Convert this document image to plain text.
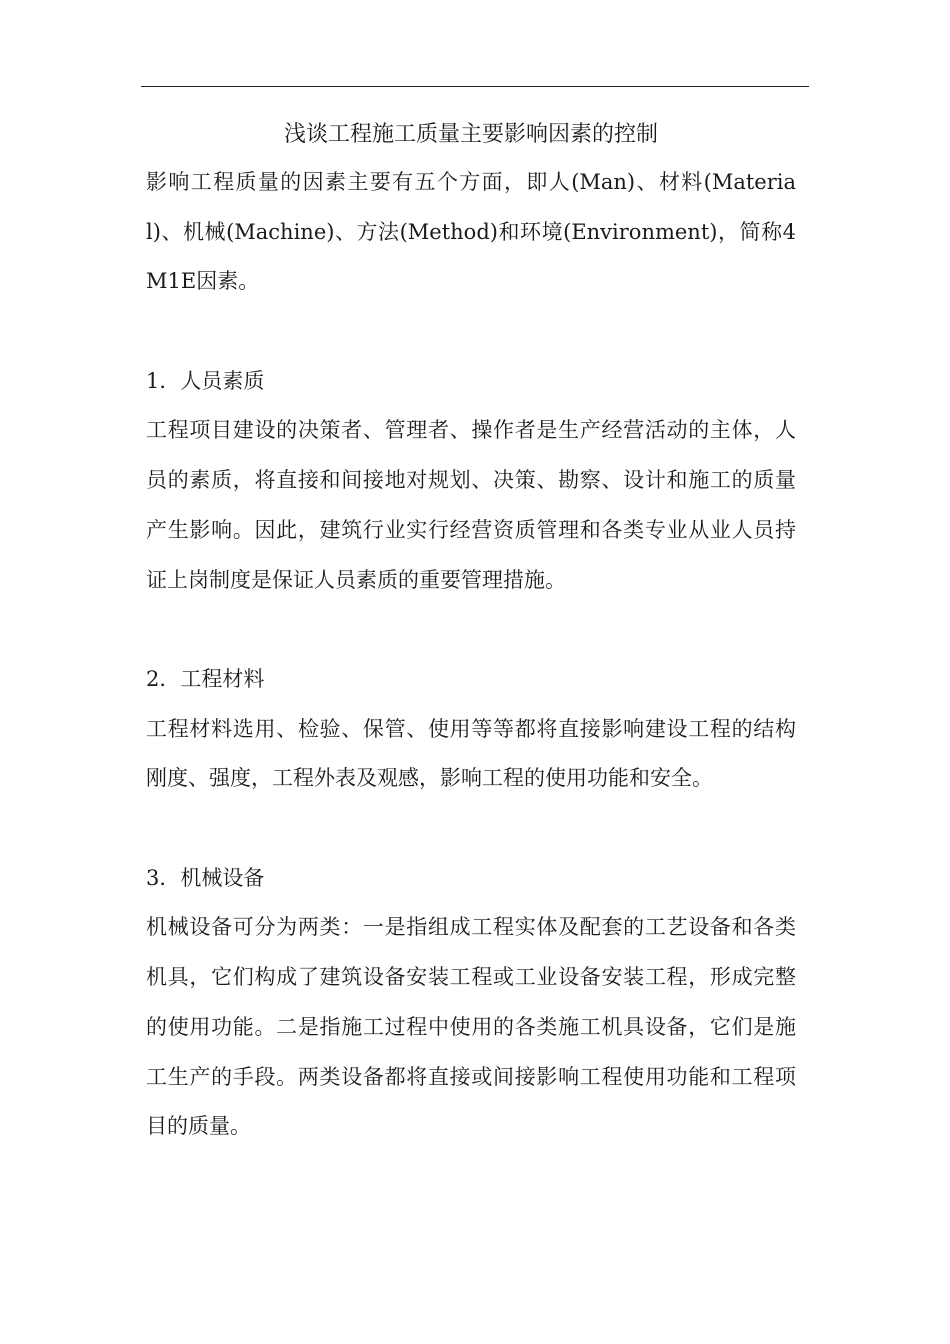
浅谈工程施工质量主要影响因素的控制

影响工程质量的因素主要有五个方面，即人(Man)、材料(Material)、机械(Machine)、方法(Method)和环境(Environment)，简称4M1E因素。

1．人员素质

工程项目建设的决策者、管理者、操作者是生产经营活动的主体，人员的素质，将直接和间接地对规划、决策、勘察、设计和施工的质量产生影响。因此，建筑行业实行经营资质管理和各类专业从业人员持证上岗制度是保证人员素质的重要管理措施。

2．工程材料

工程材料选用、检验、保管、使用等等都将直接影响建设工程的结构刚度、强度，工程外表及观感，影响工程的使用功能和安全。

3．机械设备

机械设备可分为两类：一是指组成工程实体及配套的工艺设备和各类机具，它们构成了建筑设备安装工程或工业设备安装工程，形成完整的使用功能。二是指施工过程中使用的各类施工机具设备，它们是施工生产的手段。两类设备都将直接或间接影响工程使用功能和工程项目的质量。
